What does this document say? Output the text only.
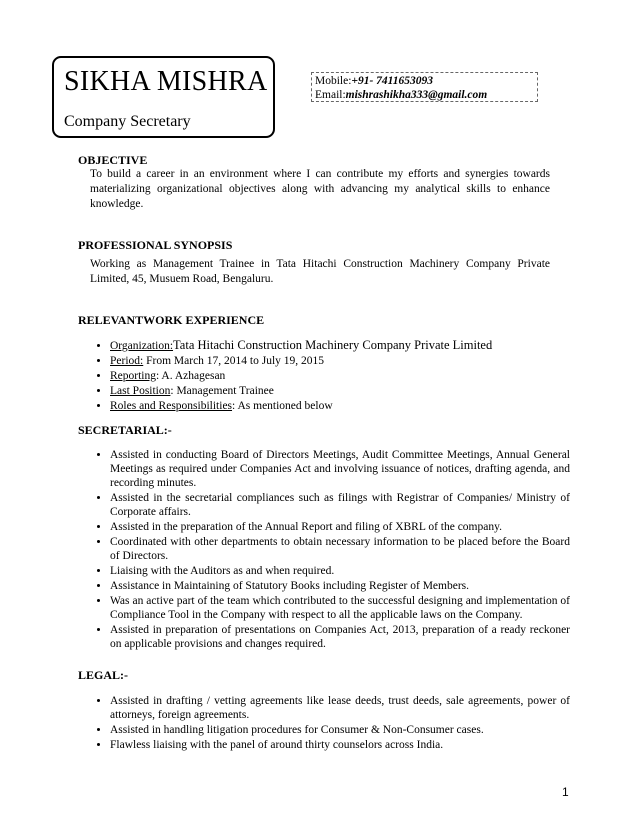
SIKHA MISHRA
Company Secretary
Mobile:+91- 7411653093
Email:mishrashikha333@gmail.com
OBJECTIVE
To build a career in an environment where I can contribute my efforts and synergies towards materializing organizational objectives along with advancing my analytical skills to enhance knowledge.
PROFESSIONAL SYNOPSIS
Working as Management Trainee in Tata Hitachi Construction Machinery Company Private Limited, 45, Musuem Road, Bengaluru.
RELEVANTWORK EXPERIENCE
• Organization:Tata Hitachi Construction Machinery Company Private Limited
• Period: From March 17, 2014 to July 19, 2015
• Reporting: A. Azhagesan
• Last Position: Management Trainee
• Roles and Responsibilities: As mentioned below
SECRETARIAL:-
• Assisted in conducting Board of Directors Meetings, Audit Committee Meetings, Annual General Meetings as required under Companies Act and involving issuance of notices, drafting agenda, and recording minutes.
• Assisted in the secretarial compliances such as filings with Registrar of Companies/ Ministry of Corporate affairs.
• Assisted in the preparation of the Annual Report and filing of XBRL of the company.
• Coordinated with other departments to obtain necessary information to be placed before the Board of Directors.
• Liaising with the Auditors as and when required.
• Assistance in Maintaining of Statutory Books including Register of Members.
• Was an active part of the team which contributed to the successful designing and implementation of Compliance Tool in the Company with respect to all the applicable laws on the Company.
• Assisted in preparation of presentations on Companies Act, 2013, preparation of a ready reckoner on applicable provisions and changes required.
LEGAL:-
• Assisted in drafting / vetting agreements like lease deeds, trust deeds, sale agreements, power of attorneys, foreign agreements.
• Assisted in handling litigation procedures for Consumer & Non-Consumer cases.
• Flawless liaising with the panel of around thirty counselors across India.
1
